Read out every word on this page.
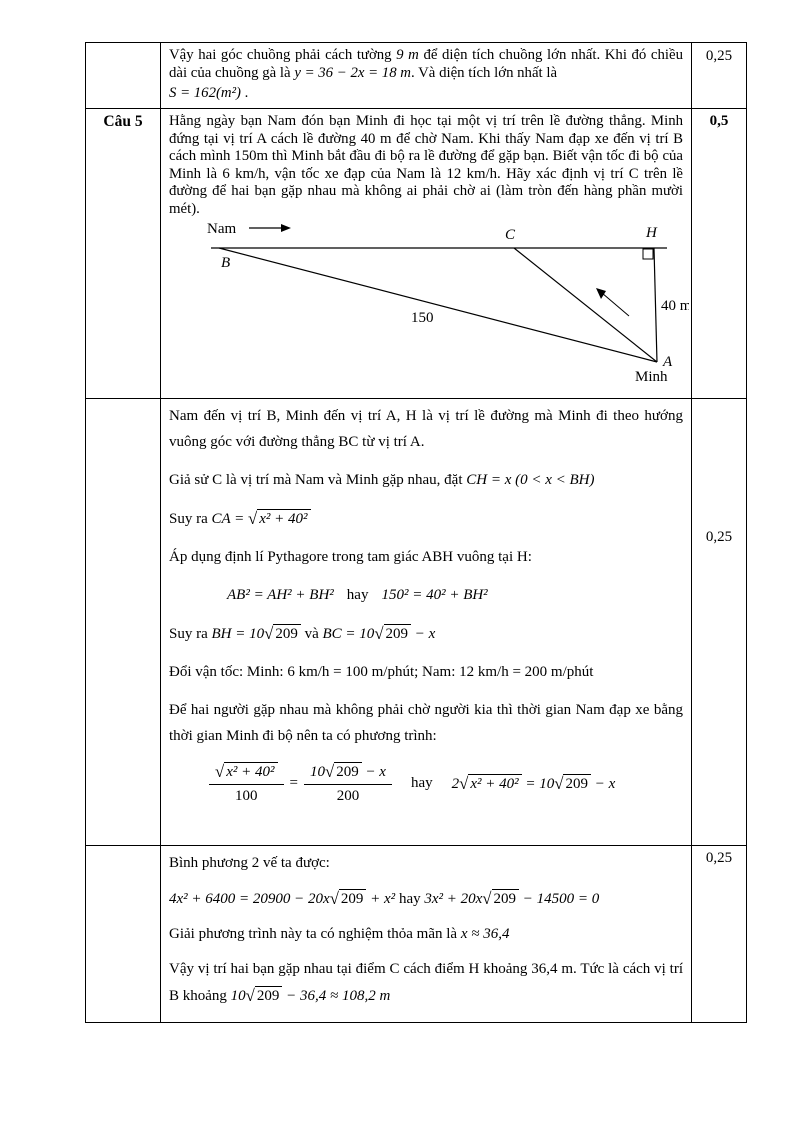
	Vậy hai góc chuồng phải cách tường 9 m để diện tích chuồng lớn nhất. Khi đó chiều dài của chuồng gà là y = 36 − 2x = 18 m. Và diện tích lớn nhất là

S = 162(m²) .	0,25
Câu 5	Hằng ngày bạn Nam đón bạn Minh đi học tại một vị trí trên lề đường thẳng. Minh đứng tại vị trí A cách lề đường 40 m để chờ Nam. Khi thấy Nam đạp xe đến vị trí B cách mình 150m thì Minh bắt đầu đi bộ ra lề đường để gặp bạn. Biết vận tốc đi bộ của Minh là 6 km/h, vận tốc xe đạp của Nam là 12 km/h. Hãy xác định vị trí C trên lề đường để hai bạn gặp nhau mà không ai phải chờ ai (làm tròn đến hàng phần mười mét).

Nam
B
C	H
150
40 m
A
Minh
	0,5

Nam đến vị trí B, Minh đến vị trí A, H là vị trí lề đường mà Minh đi theo hướng vuông góc với đường thẳng BC từ vị trí A.

Giả sử C là vị trí mà Nam và Minh gặp nhau, đặt CH = x (0 < x < BH)

Suy ra CA = √ x² + 40²

Áp dụng định lí Pythagore trong tam giác ABH vuông tại H:

AB² = AH² + BH² hay 150² = 40² + BH²

Suy ra BH = 10√ 209 và BC = 10√ 209 − x

Đổi vận tốc: Minh: 6 km/h = 100 m/phút; Nam: 12 km/h = 200 m/phút

Để hai người gặp nhau mà không phải chờ người kia thì thời gian Nam đạp xe bằng thời gian Minh đi bộ nên ta có phương trình:

$\frac{\text{√ x² + 40²}}{100} = \frac{10√ 209 - x}{200}$ hay 2√ x² + 40² = 10√ 209 − x
	0,25

	Bình phương 2 vế ta được:

4x² + 6400 = 20900 − 20x√ 209 + x² hay 3x² + 20x√ 209 − 14500 = 0

Giải phương trình này ta có nghiệm thỏa mãn là x ≈ 36,4

Vậy vị trí hai bạn gặp nhau tại điểm C cách điểm H khoảng 36,4 m. Tức là cách vị trí B khoảng 10√ 209 − 36,4 ≈ 108,2 m	0,25
